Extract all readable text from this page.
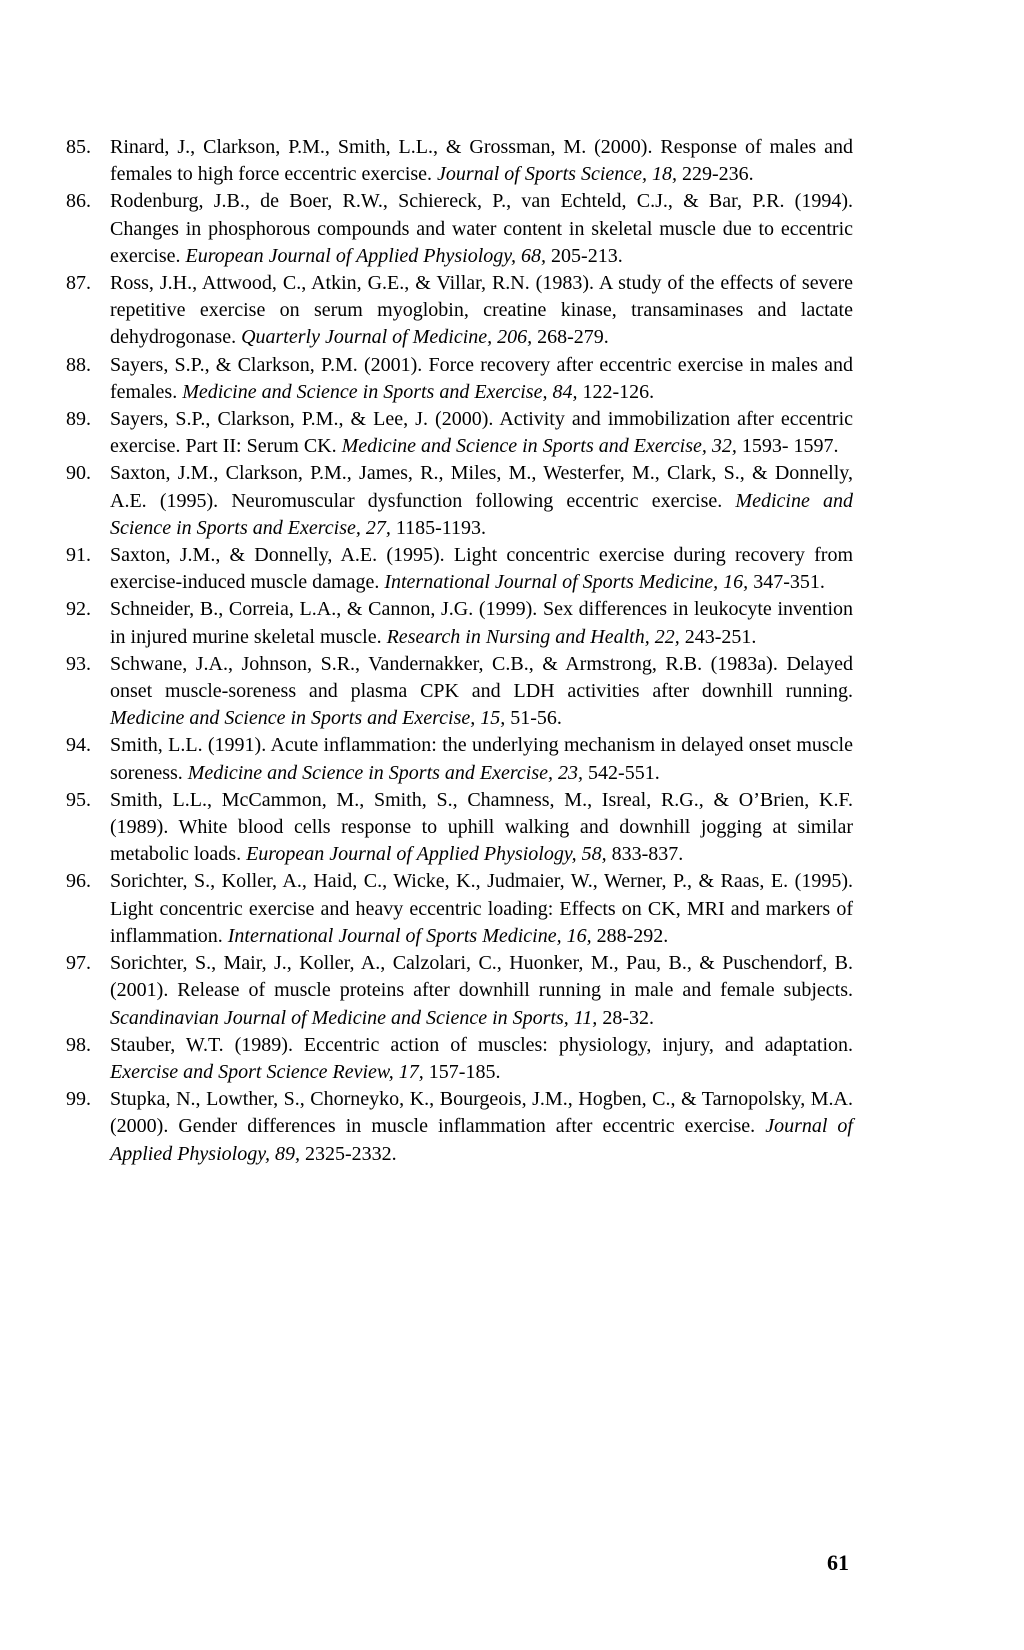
85. Rinard, J., Clarkson, P.M., Smith, L.L., & Grossman, M. (2000). Response of males and females to high force eccentric exercise. Journal of Sports Science, 18, 229-236.
86. Rodenburg, J.B., de Boer, R.W., Schiereck, P., van Echteld, C.J., & Bar, P.R. (1994). Changes in phosphorous compounds and water content in skeletal muscle due to eccentric exercise. European Journal of Applied Physiology, 68, 205-213.
87. Ross, J.H., Attwood, C., Atkin, G.E., & Villar, R.N. (1983). A study of the effects of severe repetitive exercise on serum myoglobin, creatine kinase, transaminases and lactate dehydrogonase. Quarterly Journal of Medicine, 206, 268-279.
88. Sayers, S.P., & Clarkson, P.M. (2001). Force recovery after eccentric exercise in males and females. Medicine and Science in Sports and Exercise, 84, 122-126.
89. Sayers, S.P., Clarkson, P.M., & Lee, J. (2000). Activity and immobilization after eccentric exercise. Part II: Serum CK. Medicine and Science in Sports and Exercise, 32, 1593- 1597.
90. Saxton, J.M., Clarkson, P.M., James, R., Miles, M., Westerfer, M., Clark, S., & Donnelly, A.E. (1995). Neuromuscular dysfunction following eccentric exercise. Medicine and Science in Sports and Exercise, 27, 1185-1193.
91. Saxton, J.M., & Donnelly, A.E. (1995). Light concentric exercise during recovery from exercise-induced muscle damage. International Journal of Sports Medicine, 16, 347-351.
92. Schneider, B., Correia, L.A., & Cannon, J.G. (1999). Sex differences in leukocyte invention in injured murine skeletal muscle. Research in Nursing and Health, 22, 243-251.
93. Schwane, J.A., Johnson, S.R., Vandernakker, C.B., & Armstrong, R.B. (1983a). Delayed onset muscle-soreness and plasma CPK and LDH activities after downhill running. Medicine and Science in Sports and Exercise, 15, 51-56.
94. Smith, L.L. (1991). Acute inflammation: the underlying mechanism in delayed onset muscle soreness. Medicine and Science in Sports and Exercise, 23, 542-551.
95. Smith, L.L., McCammon, M., Smith, S., Chamness, M., Isreal, R.G., & O’Brien, K.F. (1989). White blood cells response to uphill walking and downhill jogging at similar metabolic loads. European Journal of Applied Physiology, 58, 833-837.
96. Sorichter, S., Koller, A., Haid, C., Wicke, K., Judmaier, W., Werner, P., & Raas, E. (1995). Light concentric exercise and heavy eccentric loading: Effects on CK, MRI and markers of inflammation. International Journal of Sports Medicine, 16, 288-292.
97. Sorichter, S., Mair, J., Koller, A., Calzolari, C., Huonker, M., Pau, B., & Puschendorf, B. (2001). Release of muscle proteins after downhill running in male and female subjects. Scandinavian Journal of Medicine and Science in Sports, 11, 28-32.
98. Stauber, W.T. (1989). Eccentric action of muscles: physiology, injury, and adaptation. Exercise and Sport Science Review, 17, 157-185.
99. Stupka, N., Lowther, S., Chorneyko, K., Bourgeois, J.M., Hogben, C., & Tarnopolsky, M.A. (2000). Gender differences in muscle inflammation after eccentric exercise. Journal of Applied Physiology, 89, 2325-2332.
61
